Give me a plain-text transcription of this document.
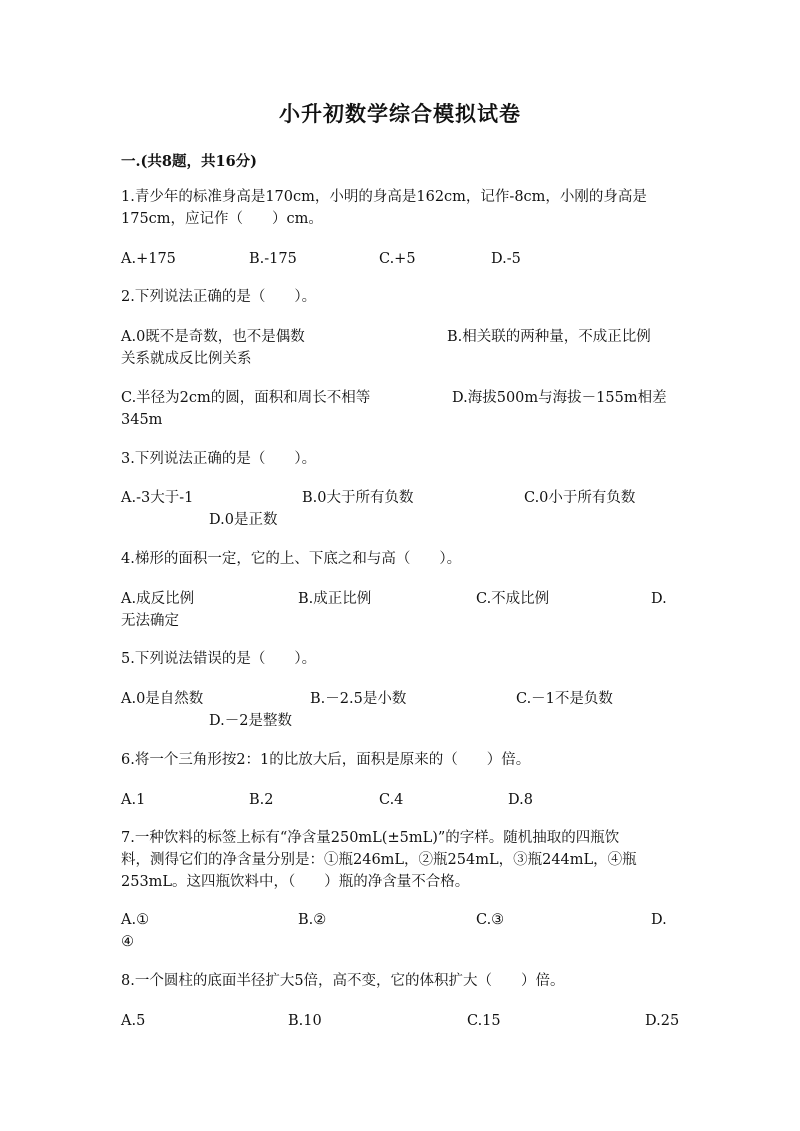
小升初数学综合模拟试卷
一.(共8题，共16分)
1.青少年的标准身高是170cm，小明的身高是162cm，记作-8cm，小刚的身高是
175cm，应记作（　　）cm。
A.+175	B.-175	C.+5	D.-5
2.下列说法正确的是（　　）。
A.0既不是奇数，也不是偶数	B.相关联的两种量，不成正比例
关系就成反比例关系
C.半径为2cm的圆，面积和周长不相等	D.海拔500m与海拔－155m相差
345m
3.下列说法正确的是（　　）。
A.-3大于-1	B.0大于所有负数	C.0小于所有负数
D.0是正数
4.梯形的面积一定，它的上、下底之和与高（　　）。
A.成反比例	B.成正比例	C.不成比例	D.
无法确定
5.下列说法错误的是（　　）。
A.0是自然数	B.－2.5是小数	C.－1不是负数
D.－2是整数
6.将一个三角形按2：1的比放大后，面积是原来的（　　）倍。
A.1	B.2	C.4	D.8
7.一种饮料的标签上标有“净含量250mL(±5mL)”的字样。随机抽取的四瓶饮
料，测得它们的净含量分别是：①瓶246mL，②瓶254mL，③瓶244mL，④瓶
253mL。这四瓶饮料中，（　　）瓶的净含量不合格。
A.①	B.②	C.③	D.
④
8.一个圆柱的底面半径扩大5倍，高不变，它的体积扩大（　　）倍。
A.5	B.10	C.15	D.25
